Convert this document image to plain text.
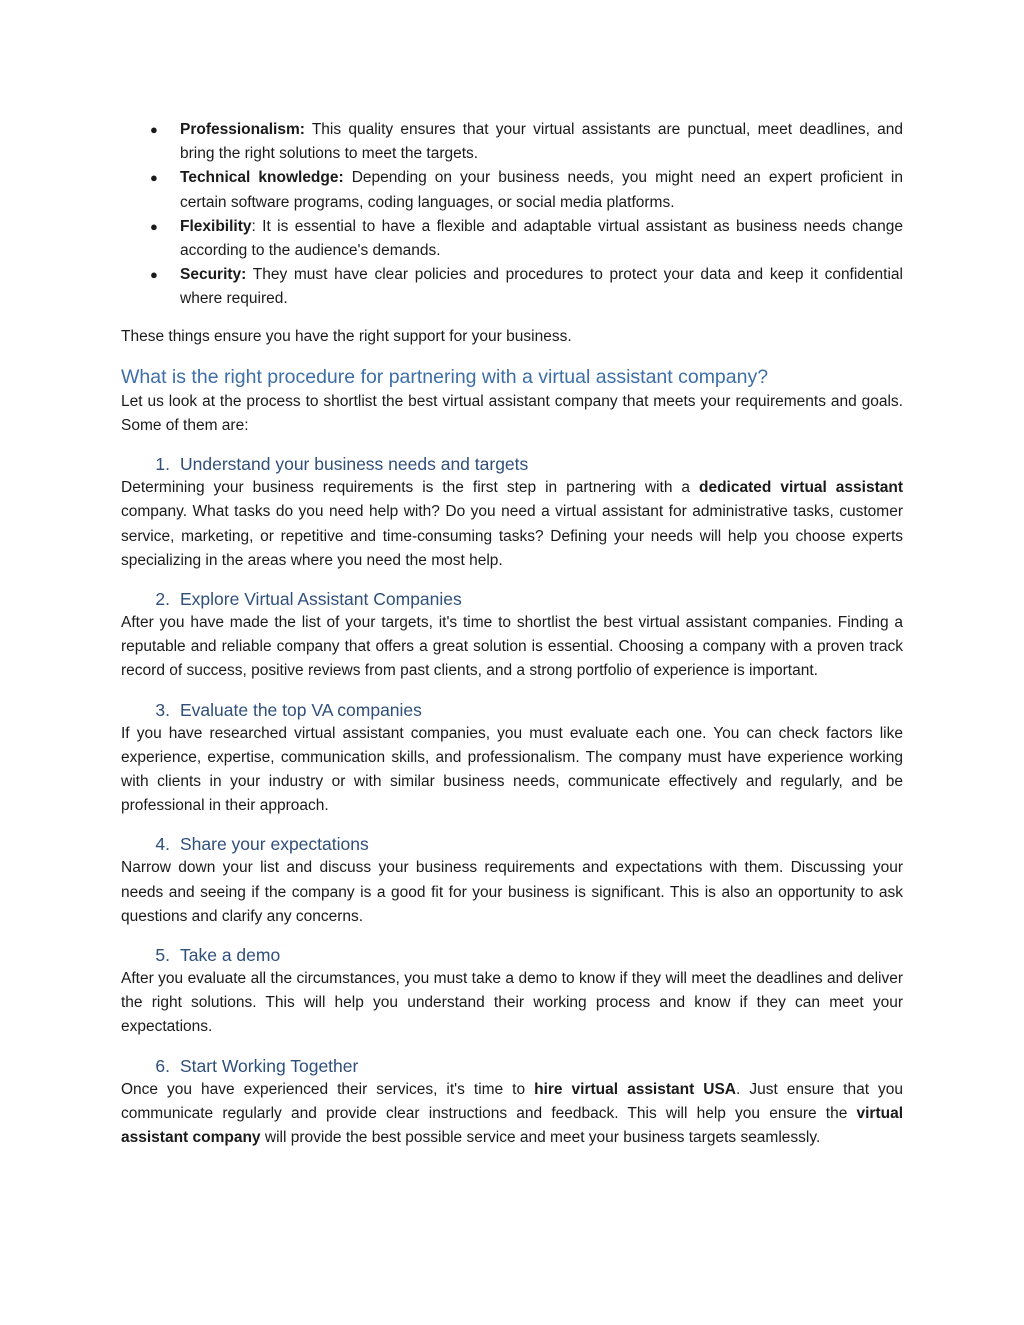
● Professionalism: This quality ensures that your virtual assistants are punctual, meet deadlines, and bring the right solutions to meet the targets.
● Technical knowledge: Depending on your business needs, you might need an expert proficient in certain software programs, coding languages, or social media platforms.
● Flexibility: It is essential to have a flexible and adaptable virtual assistant as business needs change according to the audience's demands.
● Security: They must have clear policies and procedures to protect your data and keep it confidential where required.

These things ensure you have the right support for your business.

What is the right procedure for partnering with a virtual assistant company?

Let us look at the process to shortlist the best virtual assistant company that meets your requirements and goals. Some of them are:

1. Understand your business needs and targets

Determining your business requirements is the first step in partnering with a dedicated virtual assistant company. What tasks do you need help with? Do you need a virtual assistant for administrative tasks, customer service, marketing, or repetitive and time-consuming tasks? Defining your needs will help you choose experts specializing in the areas where you need the most help.

2. Explore Virtual Assistant Companies

After you have made the list of your targets, it's time to shortlist the best virtual assistant companies. Finding a reputable and reliable company that offers a great solution is essential. Choosing a company with a proven track record of success, positive reviews from past clients, and a strong portfolio of experience is important.

3. Evaluate the top VA companies

If you have researched virtual assistant companies, you must evaluate each one. You can check factors like experience, expertise, communication skills, and professionalism. The company must have experience working with clients in your industry or with similar business needs, communicate effectively and regularly, and be professional in their approach.

4. Share your expectations

Narrow down your list and discuss your business requirements and expectations with them. Discussing your needs and seeing if the company is a good fit for your business is significant. This is also an opportunity to ask questions and clarify any concerns.

5. Take a demo

After you evaluate all the circumstances, you must take a demo to know if they will meet the deadlines and deliver the right solutions. This will help you understand their working process and know if they can meet your expectations.

6. Start Working Together

Once you have experienced their services, it's time to hire virtual assistant USA. Just ensure that you communicate regularly and provide clear instructions and feedback. This will help you ensure the virtual assistant company will provide the best possible service and meet your business targets seamlessly.
